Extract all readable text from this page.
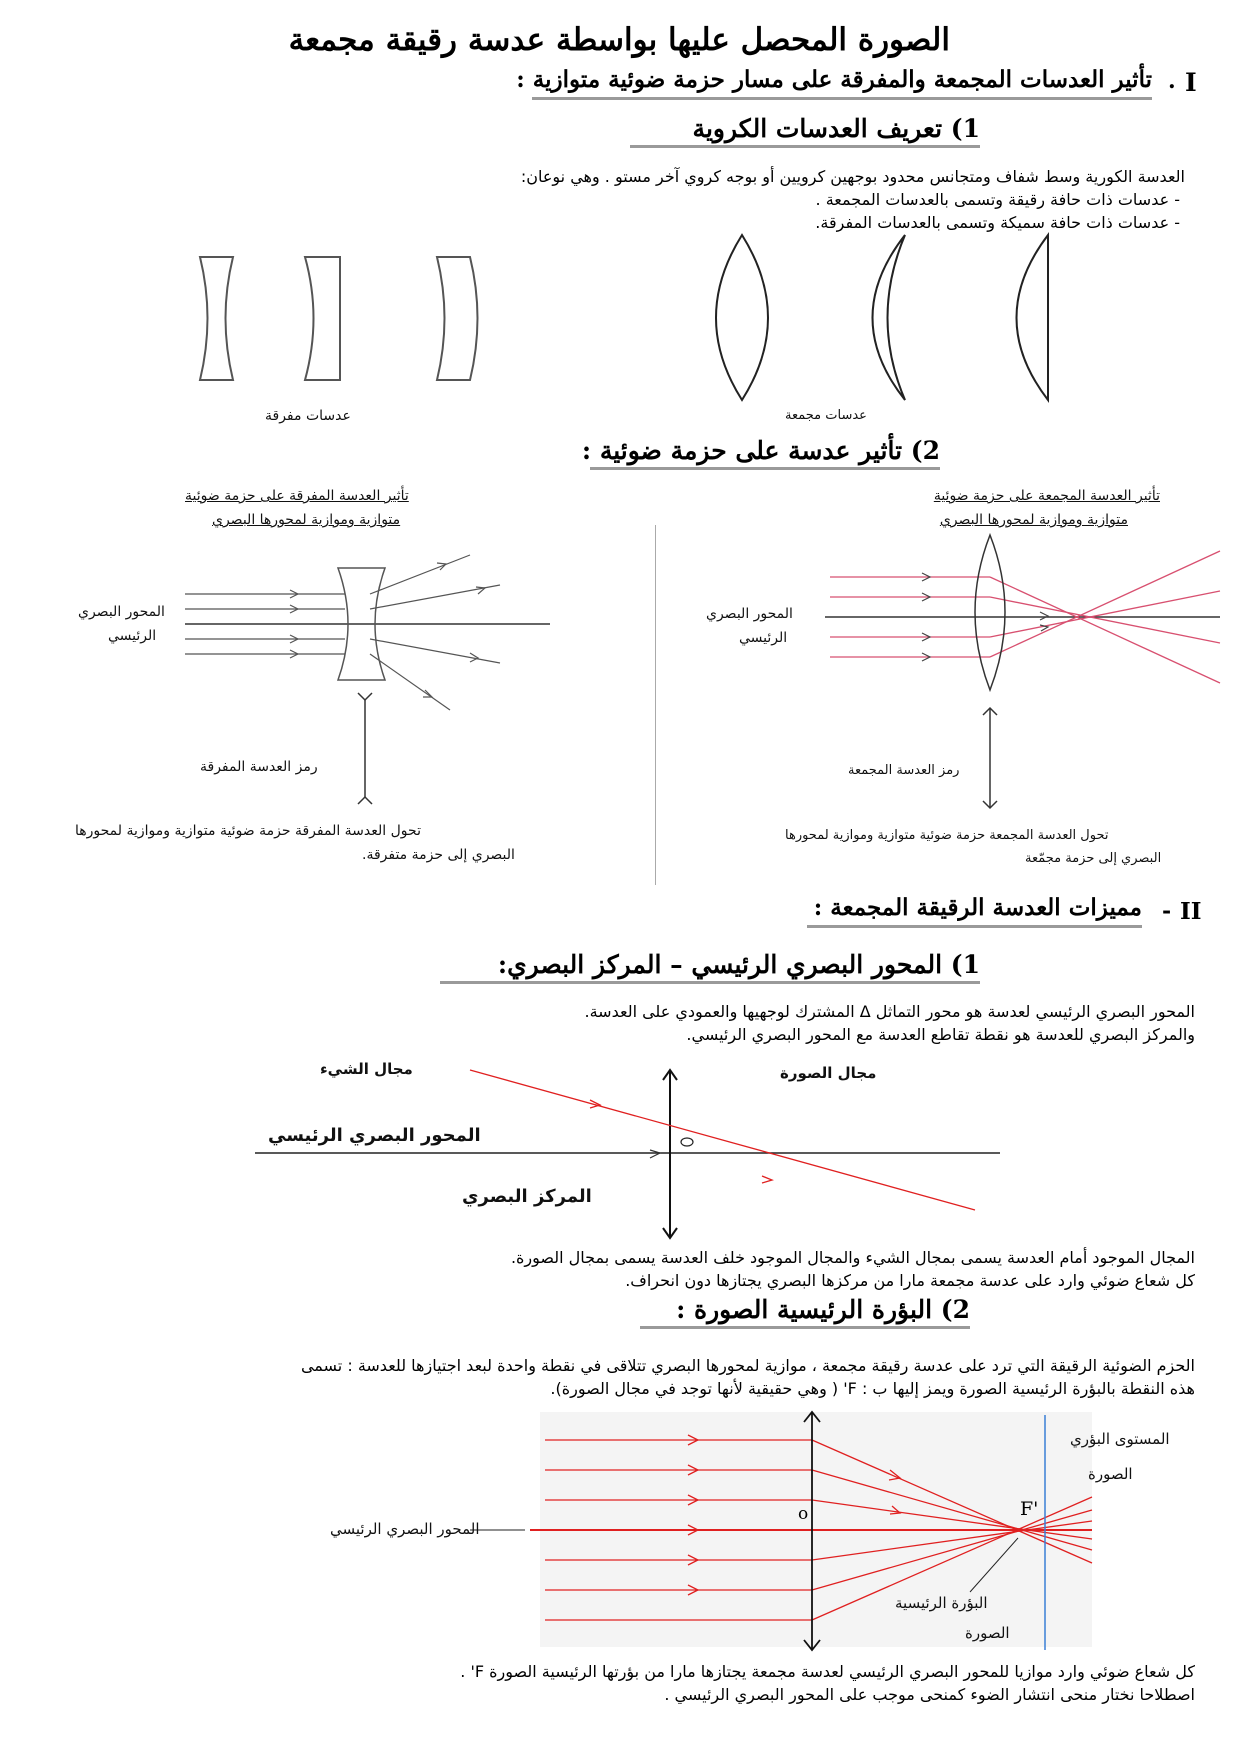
الصورة المحصل عليها بواسطة عدسة رقيقة مجمعة
I
.
تأثير العدسات المجمعة والمفرقة على مسار حزمة ضوئية متوازية :
1) تعريف العدسات الكروية
العدسة الكورية وسط شفاف ومتجانس محدود بوجهين كرويين أو بوجه كروي آخر مستو . وهي نوعان:
- عدسات ذات حافة رقيقة وتسمى بالعدسات المجمعة .
- عدسات ذات حافة سميكة وتسمى بالعدسات المفرقة.
عدسات مفرقة	عدسات مجمعة
2) تأثير عدسة على حزمة ضوئية :
تأثير العدسة المجمعة على حزمة ضوئية
متوازية وموازية لمحورها البصري
تأثير العدسة المفرقة على حزمة ضوئية
متوازية وموازية لمحورها البصري
المحور البصري
الرئيسي
رمز العدسة المفرقة
تحول العدسة المفرقة حزمة ضوئية متوازية وموازية لمحورها
البصري إلى حزمة متفرقة.
المحور البصري
الرئيسي
رمز العدسة المجمعة
تحول العدسة المجمعة حزمة ضوئية متوازية وموازية لمحورها
البصري إلى حزمة مجمّعة
II
-
مميزات العدسة الرقيقة المجمعة :
1) المحور البصري الرئيسي – المركز البصري:
المحور البصري الرئيسي لعدسة هو محور التماثل Δ المشترك لوجهيها والعمودي على العدسة.
والمركز البصري للعدسة هو نقطة تقاطع العدسة مع المحور البصري الرئيسي.
مجال الشيء	مجال الصورة
المحور البصري الرئيسي
المركز البصري
المجال الموجود أمام العدسة يسمى بمجال الشيء والمجال الموجود خلف العدسة يسمى بمجال الصورة.
كل شعاع ضوئي وارد على عدسة مجمعة مارا من مركزها البصري يجتازها دون انحراف.
2) البؤرة الرئيسية الصورة :
الحزم الضوئية الرقيقة التي ترد على عدسة رقيقة مجمعة ، موازية لمحورها البصري تتلاقى في نقطة واحدة لبعد اجتيازها للعدسة : تسمى
هذه النقطة بالبؤرة الرئيسية الصورة ويمز إليها ب : F' ( وهي حقيقية لأنها توجد في مجال الصورة).
o	F'
المستوى البؤري
الصورة
المحور البصري الرئيسي
البؤرة الرئيسية
الصورة
كل شعاع ضوئي وارد موازيا للمحور البصري الرئيسي لعدسة مجمعة يجتازها مارا من بؤرتها الرئيسية الصورة F' .
اصطلاحا نختار منحى انتشار الضوء كمنحى موجب على المحور البصري الرئيسي .
